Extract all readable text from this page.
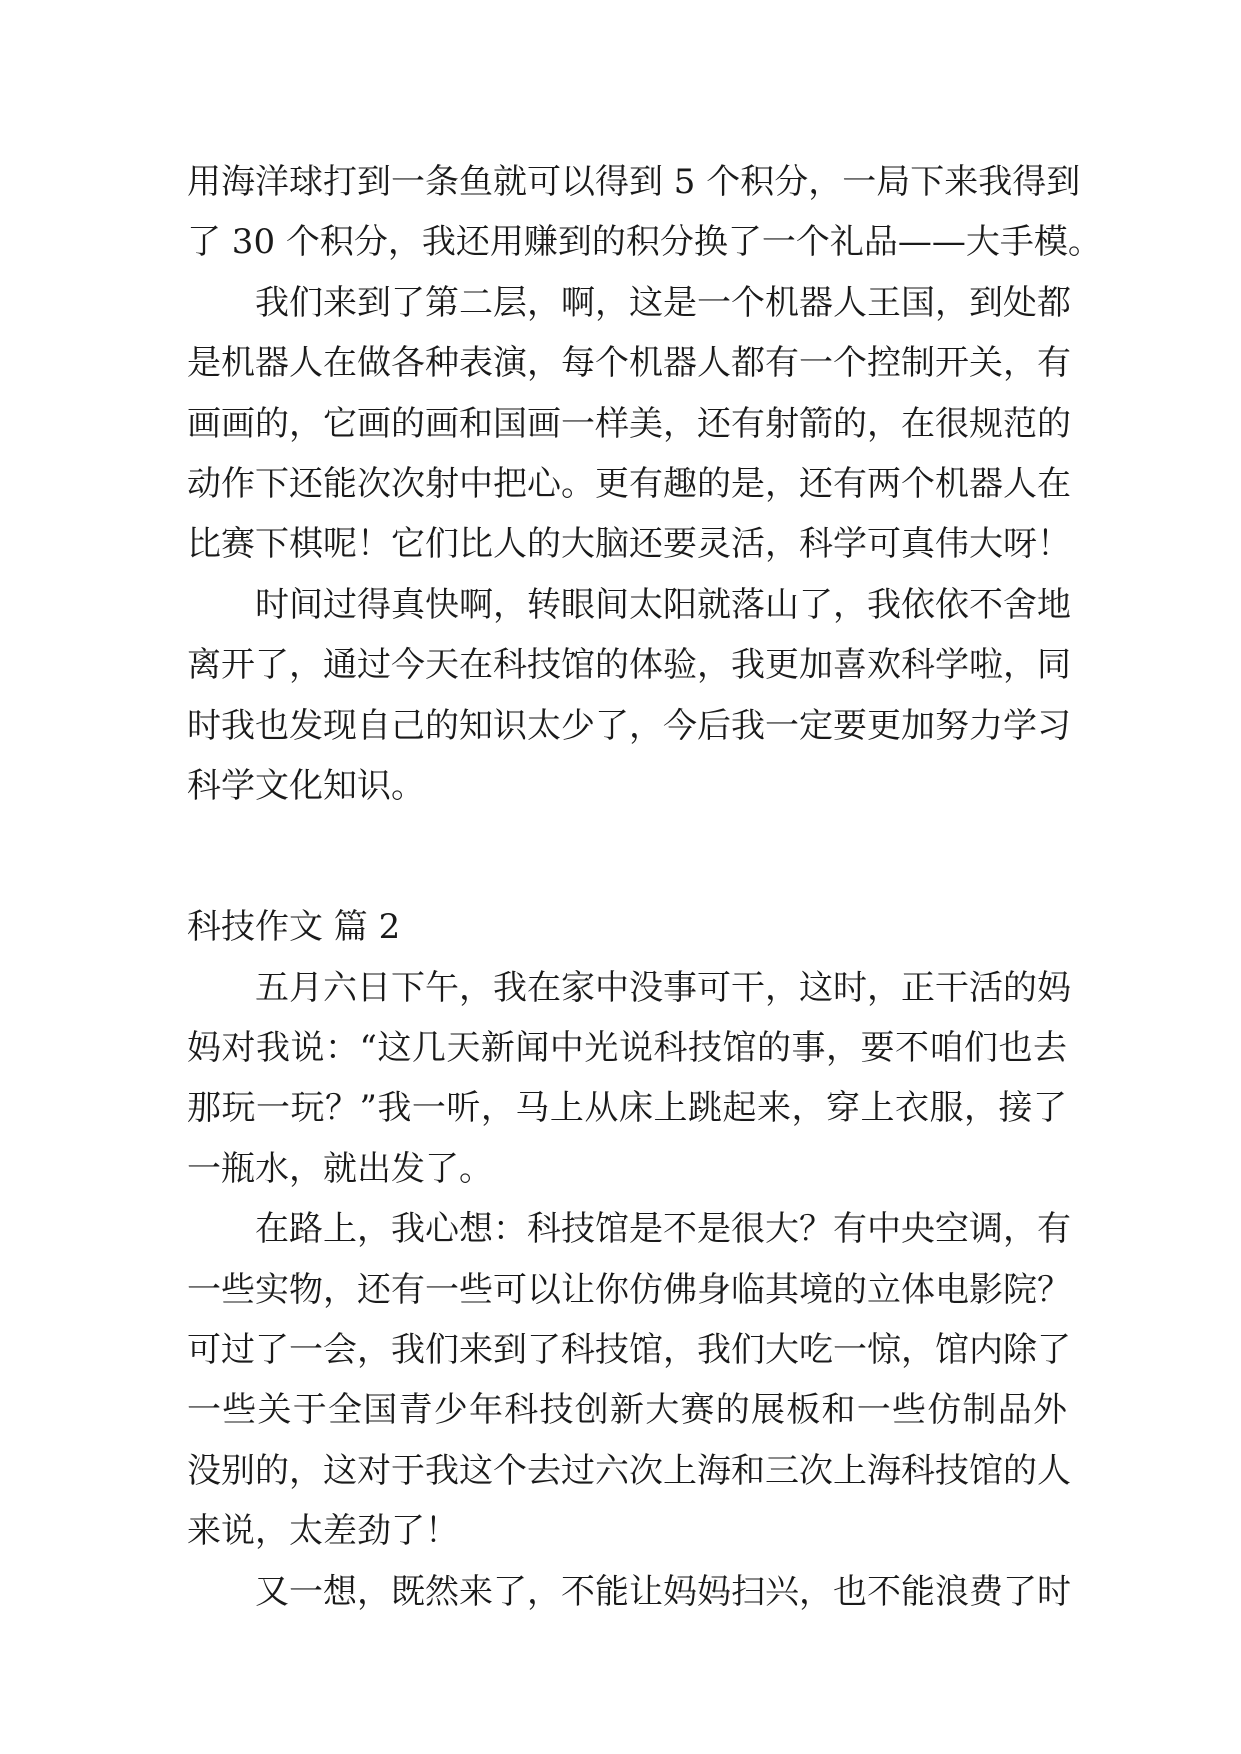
用海洋球打到一条鱼就可以得到 5 个积分，一局下来我得到
了 30 个积分，我还用赚到的积分换了一个礼品——大手模。
我们来到了第二层，啊，这是一个机器人王国，到处都
是机器人在做各种表演，每个机器人都有一个控制开关，有
画画的，它画的画和国画一样美，还有射箭的，在很规范的
动作下还能次次射中把心。更有趣的是，还有两个机器人在
比赛下棋呢！它们比人的大脑还要灵活，科学可真伟大呀！
时间过得真快啊，转眼间太阳就落山了，我依依不舍地
离开了，通过今天在科技馆的体验，我更加喜欢科学啦，同
时我也发现自己的知识太少了，今后我一定要更加努力学习
科学文化知识。
科技作文 篇 2
五月六日下午，我在家中没事可干，这时，正干活的妈
妈对我说：“这几天新闻中光说科技馆的事，要不咱们也去
那玩一玩？”我一听，马上从床上跳起来，穿上衣服，接了
一瓶水，就出发了。
在路上，我心想：科技馆是不是很大？有中央空调，有
一些实物，还有一些可以让你仿佛身临其境的立体电影院？
可过了一会，我们来到了科技馆，我们大吃一惊，馆内除了
一些关于全国青少年科技创新大赛的展板和一些仿制品外
没别的，这对于我这个去过六次上海和三次上海科技馆的人
来说，太差劲了！
又一想，既然来了，不能让妈妈扫兴，也不能浪费了时
